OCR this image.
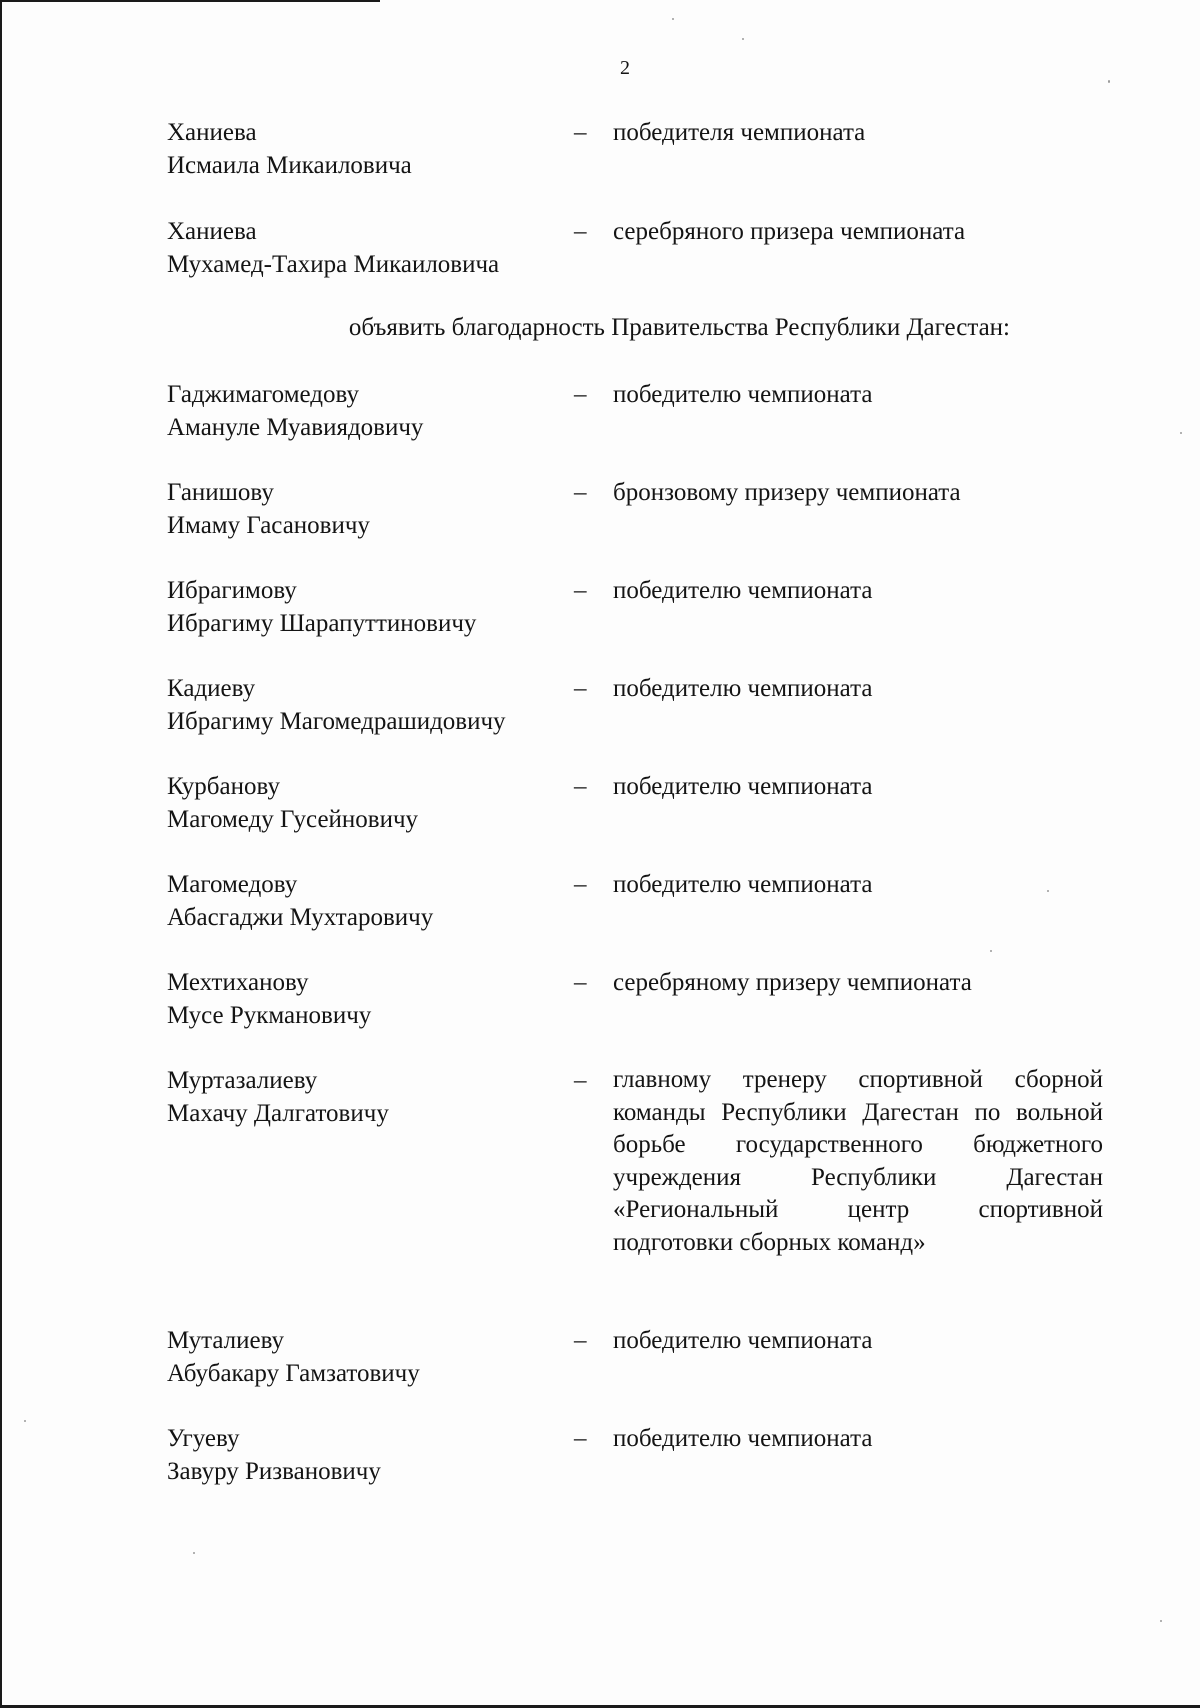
2
Ханиева
Исмаила Микаиловича
– победителя чемпионата
Ханиева
Мухамед-Тахира Микаиловича
– серебряного призера чемпионата
объявить благодарность Правительства Республики Дагестан:
Гаджимагомедову
Амануле Муавиядовичу
– победителю чемпионата
Ганишову
Имаму Гасановичу
– бронзовому призеру чемпионата
Ибрагимову
Ибрагиму Шарапуттиновичу
– победителю чемпионата
Кадиеву
Ибрагиму Магомедрашидовичу
– победителю чемпионата
Курбанову
Магомеду Гусейновичу
– победителю чемпионата
Магомедову
Абасгаджи Мухтаровичу
– победителю чемпионата
Мехтиханову
Мусе Рукмановичу
– серебряному призеру чемпионата
Муртазалиеву
Махачу Далгатовичу
– главному тренеру спортивной сборной команды Республики Дагестан по вольной борьбе государственного бюджетного учреждения Республики Дагестан «Региональный центр спортивной подготовки сборных команд»
Муталиеву
Абубакару Гамзатовичу
– победителю чемпионата
Угуеву
Завуру Ризвановичу
– победителю чемпионата
